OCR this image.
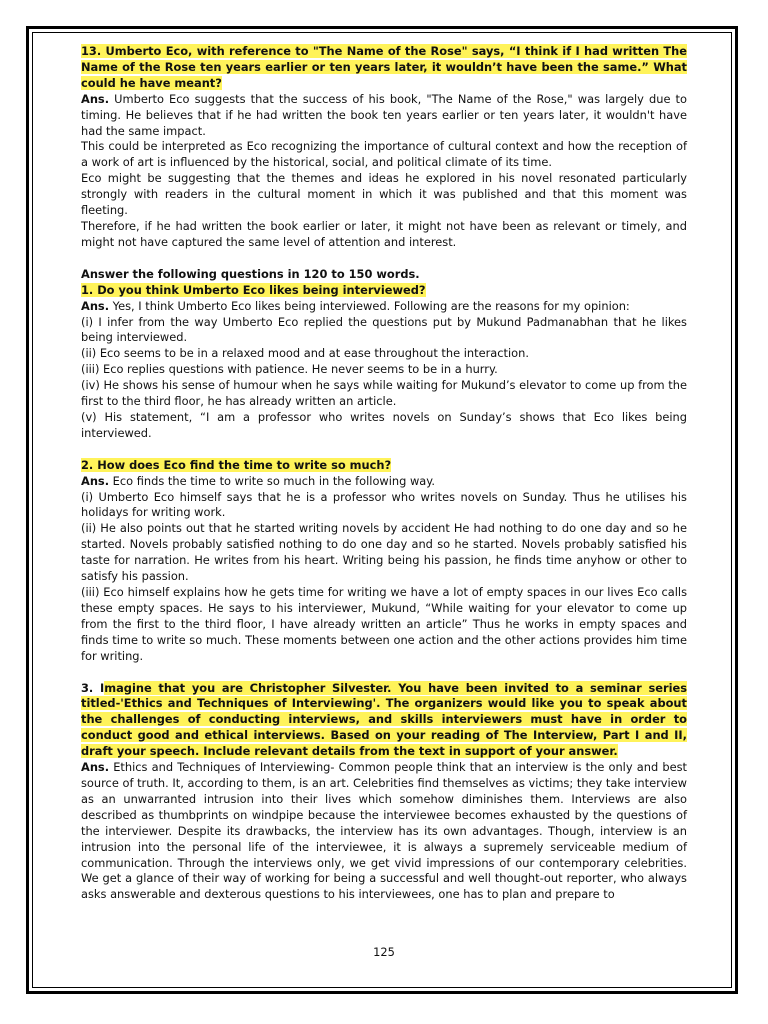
13. Umberto Eco, with reference to "The Name of the Rose" says, “I think if I had written The Name of the Rose ten years earlier or ten years later, it wouldn’t have been the same.” What could he have meant?

Ans. Umberto Eco suggests that the success of his book, "The Name of the Rose," was largely due to timing. He believes that if he had written the book ten years earlier or ten years later, it wouldn't have had the same impact.

This could be interpreted as Eco recognizing the importance of cultural context and how the reception of a work of art is influenced by the historical, social, and political climate of its time.

Eco might be suggesting that the themes and ideas he explored in his novel resonated particularly strongly with readers in the cultural moment in which it was published and that this moment was fleeting.

Therefore, if he had written the book earlier or later, it might not have been as relevant or timely, and might not have captured the same level of attention and interest.

Answer the following questions in 120 to 150 words.

1. Do you think Umberto Eco likes being interviewed?

Ans. Yes, I think Umberto Eco likes being interviewed. Following are the reasons for my opinion:

(i) I infer from the way Umberto Eco replied the questions put by Mukund Padmanabhan that he likes being interviewed.

(ii) Eco seems to be in a relaxed mood and at ease throughout the interaction.

(iii) Eco replies questions with patience. He never seems to be in a hurry.

(iv) He shows his sense of humour when he says while waiting for Mukund’s elevator to come up from the first to the third floor, he has already written an article.

(v) His statement, “I am a professor who writes novels on Sunday’s shows that Eco likes being interviewed.

2. How does Eco find the time to write so much?

Ans. Eco finds the time to write so much in the following way.

(i) Umberto Eco himself says that he is a professor who writes novels on Sunday. Thus he utilises his holidays for writing work.

(ii) He also points out that he started writing novels by accident He had nothing to do one day and so he started. Novels probably satisfied nothing to do one day and so he started. Novels probably satisfied his taste for narration. He writes from his heart. Writing being his passion, he finds time anyhow or other to satisfy his passion.

(iii) Eco himself explains how he gets time for writing we have a lot of empty spaces in our lives Eco calls these empty spaces. He says to his interviewer, Mukund, “While waiting for your elevator to come up from the first to the third floor, I have already written an article” Thus he works in empty spaces and finds time to write so much. These moments between one action and the other actions provides him time for writing.

3. Imagine that you are Christopher Silvester. You have been invited to a seminar series titled-'Ethics and Techniques of Interviewing'. The organizers would like you to speak about the challenges of conducting interviews, and skills interviewers must have in order to conduct good and ethical interviews. Based on your reading of The Interview, Part I and II, draft your speech. Include relevant details from the text in support of your answer.

Ans. Ethics and Techniques of Interviewing- Common people think that an interview is the only and best source of truth. It, according to them, is an art. Celebrities find themselves as victims; they take interview as an unwarranted intrusion into their lives which somehow diminishes them. Interviews are also described as thumbprints on windpipe because the interviewee becomes exhausted by the questions of the interviewer. Despite its drawbacks, the interview has its own advantages. Though, interview is an intrusion into the personal life of the interviewee, it is always a supremely serviceable medium of communication. Through the interviews only, we get vivid impressions of our contemporary celebrities. We get a glance of their way of working for being a successful and well thought-out reporter, who always asks answerable and dexterous questions to his interviewees, one has to plan and prepare to

125
